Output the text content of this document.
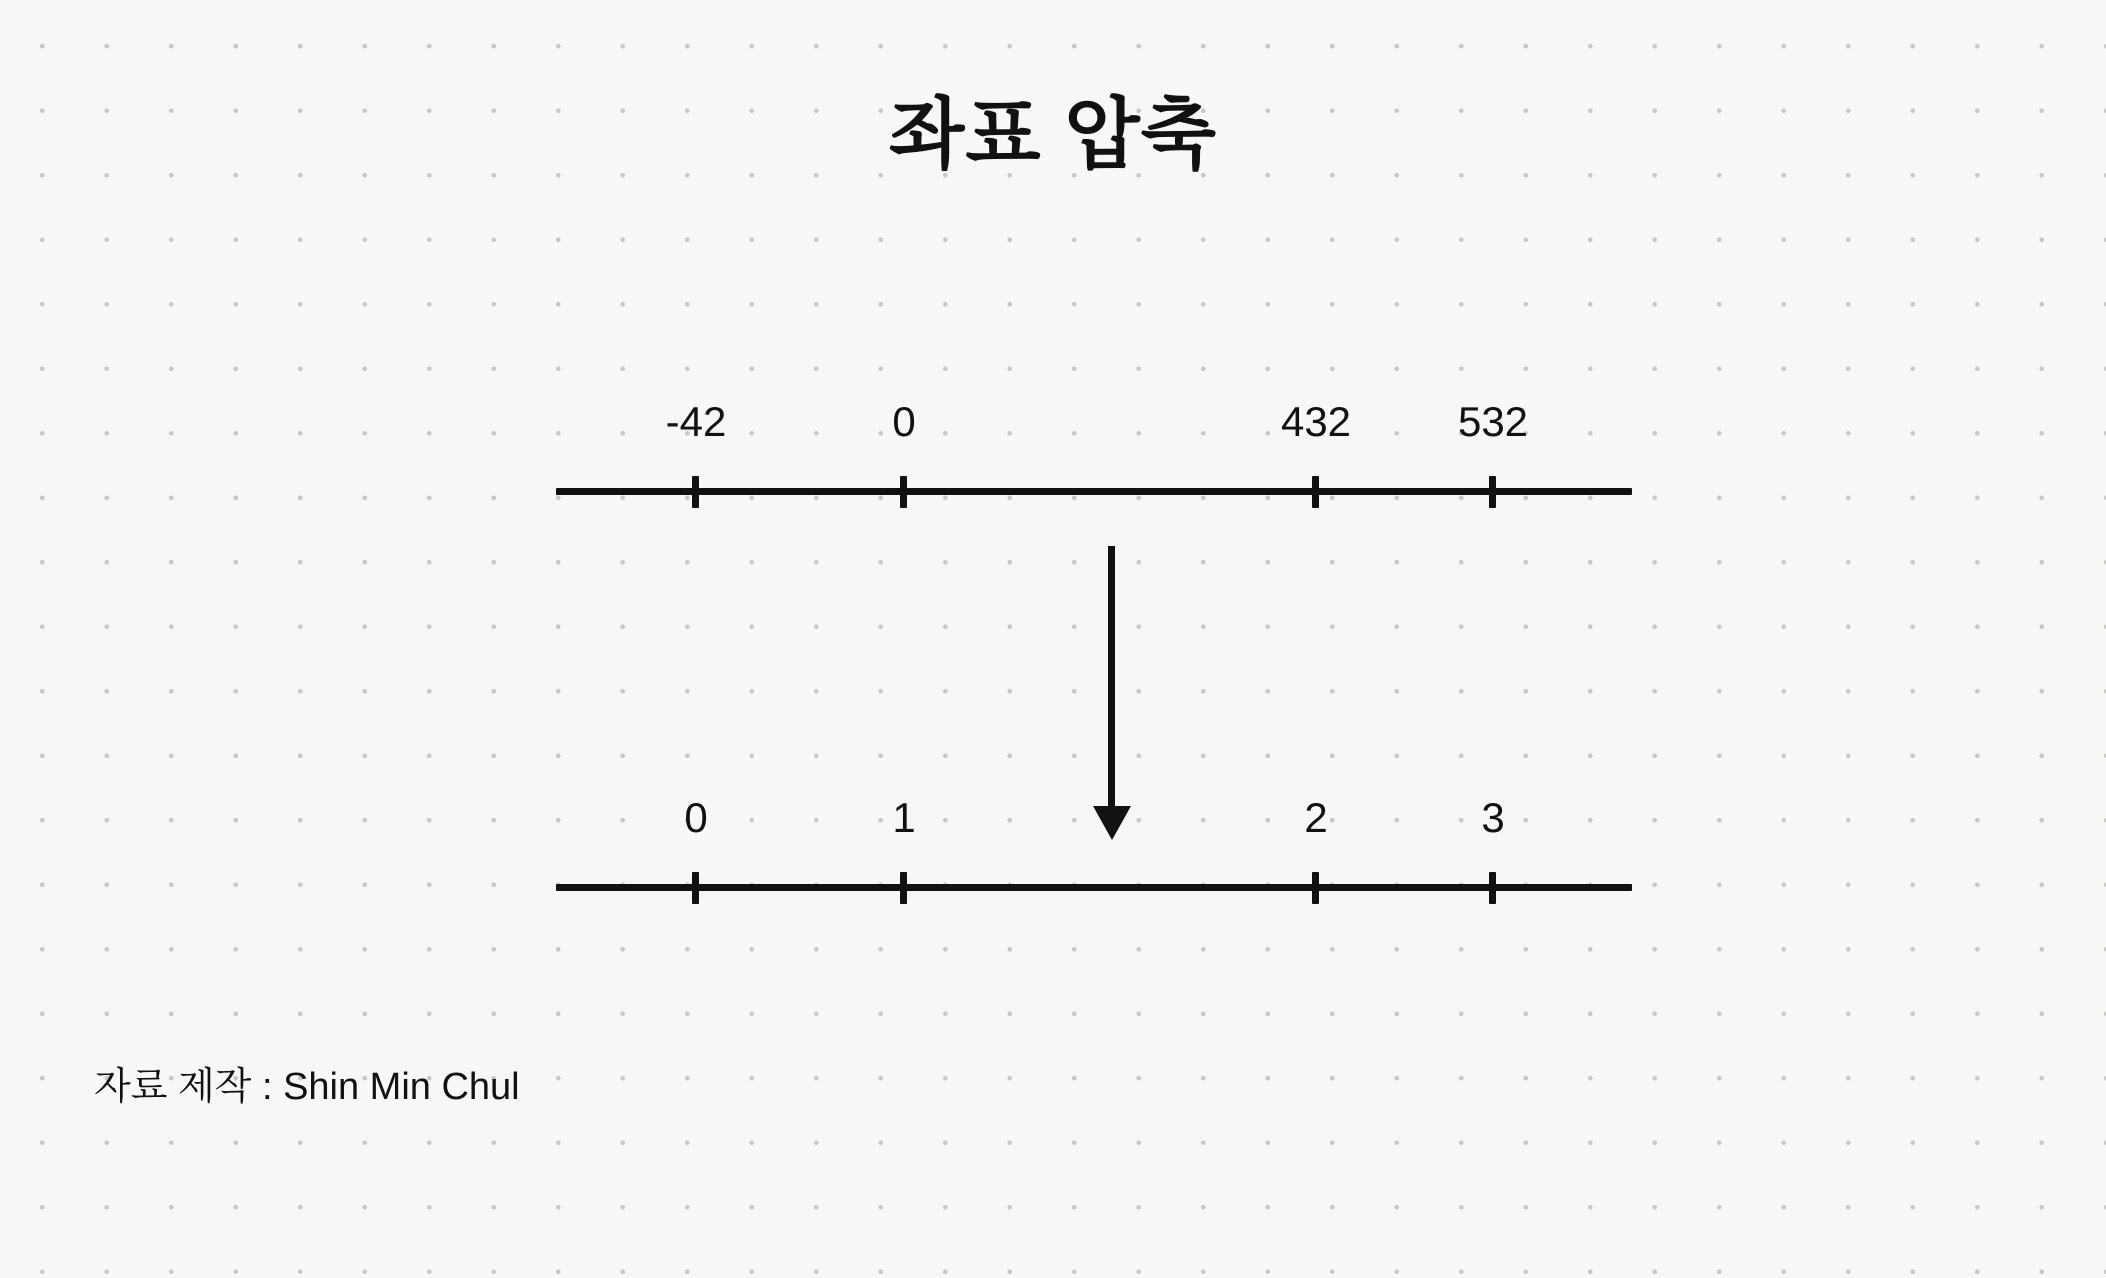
좌표 압축
-42	0	432	532
0	1	2	3
자료 제작 : Shin Min Chul
